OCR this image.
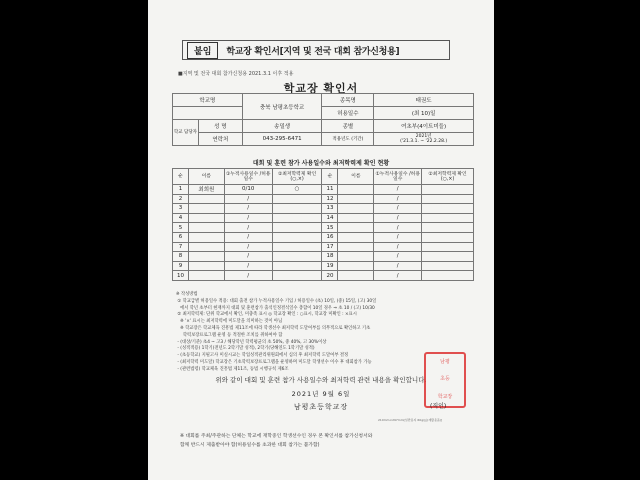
붙임	학교장 확인서[지역 및 전국 대회 참가신청용]
■지역 및 전국 대회 참가신청용 2021.3.1 이후 적용
학교장 확인서
학교명		충북 남평초등학교	종목명	태권도
			허용일수	(최 10)일
학교 담당자	성 명	송밀생	종별	여초부(4이트미들)
	연락처	043-295-6471	적용년도 (기간)	2021년
('21.3.1. ~ '22.2.28.)
대회 및 훈련 참가 사용일수와 최저학력제 확인 현황
순	이름	①누적사용일수 /허용일수	②최저학력제 확인(○,×)	순	이름	①누적사용일수 /허용일수	②최저학력제 확인(○,×)
1	최희원	0/10	○	11		/	
2		/		12		/	
3		/		13		/	
4		/		14		/	
5		/		15		/	
6		/		16		/	
7		/		17		/	
8		/		18		/	
9		/		19		/	
10		/		20		/	
※ 작성방법
① 학교급별 허용일수 적용: 대회 출전 참가 누적사용일수 기입 / 허용일수 (초) 10일, (중) 15일, (고) 30일
에서 학년 초부터 현재까지 대회 및 훈련참가 출석인정결석일수 총합이 10일 경우 ⇒ 초 10 / (고) 10/30
② 최저학력제: 단위 학교에서 확인, 미충족 표시 ◎ 학교장 확인 : ○표시, 학교장 미확인 : ×표시
※ '×' 표시는 최저학력에 미도달을 의미하는 것이 아님
※ 학교장은 학교체육 진흥법 제11조에 따라 학생선수 최저학력 도달여부를 의무적으로 확인하고 기초
학력보장프로그램 운영 등 적절한 조치를 취하여야 함
- (대상/기준) 초4 ~ 고3 / 해당학년 학력평균의 초 50%, 중 40%, 고 30%이상
- (성적적용) 1학기(전년도 2학기말 성적), 2학기(당해연도 1학기말 성적)
- (초등학교) 지필고사 미실시교는 학업성적관리위원회에서 심의 후 최저학력 도달여부 결정
- (최저학력 미도달) 학교장은 기초학력보장프로그램을 운영하며 미도달 학생선수 이수 후 대회참가 가능
- (관련법령) 학교체육 진흥법 제11조, 동법 시행규칙 제6조
위와 같이 대회 및 훈련 참가 사용일수와 최저학력 관련 내용을 확인합니다.
2021년 9월 6일
남평초등학교장
남평
초등
학교장
(직인)
210mm×297mm[일반용지 60g/㎡(재활용품)]
※ 대회를 주최/주관하는 단체는 학교에 재학중인 학생선수인 경우 본 확인서를 참가신청서와
함께 반드시 제출받아야 함(허용일수를 초과한 대회 참가는 불가함)
